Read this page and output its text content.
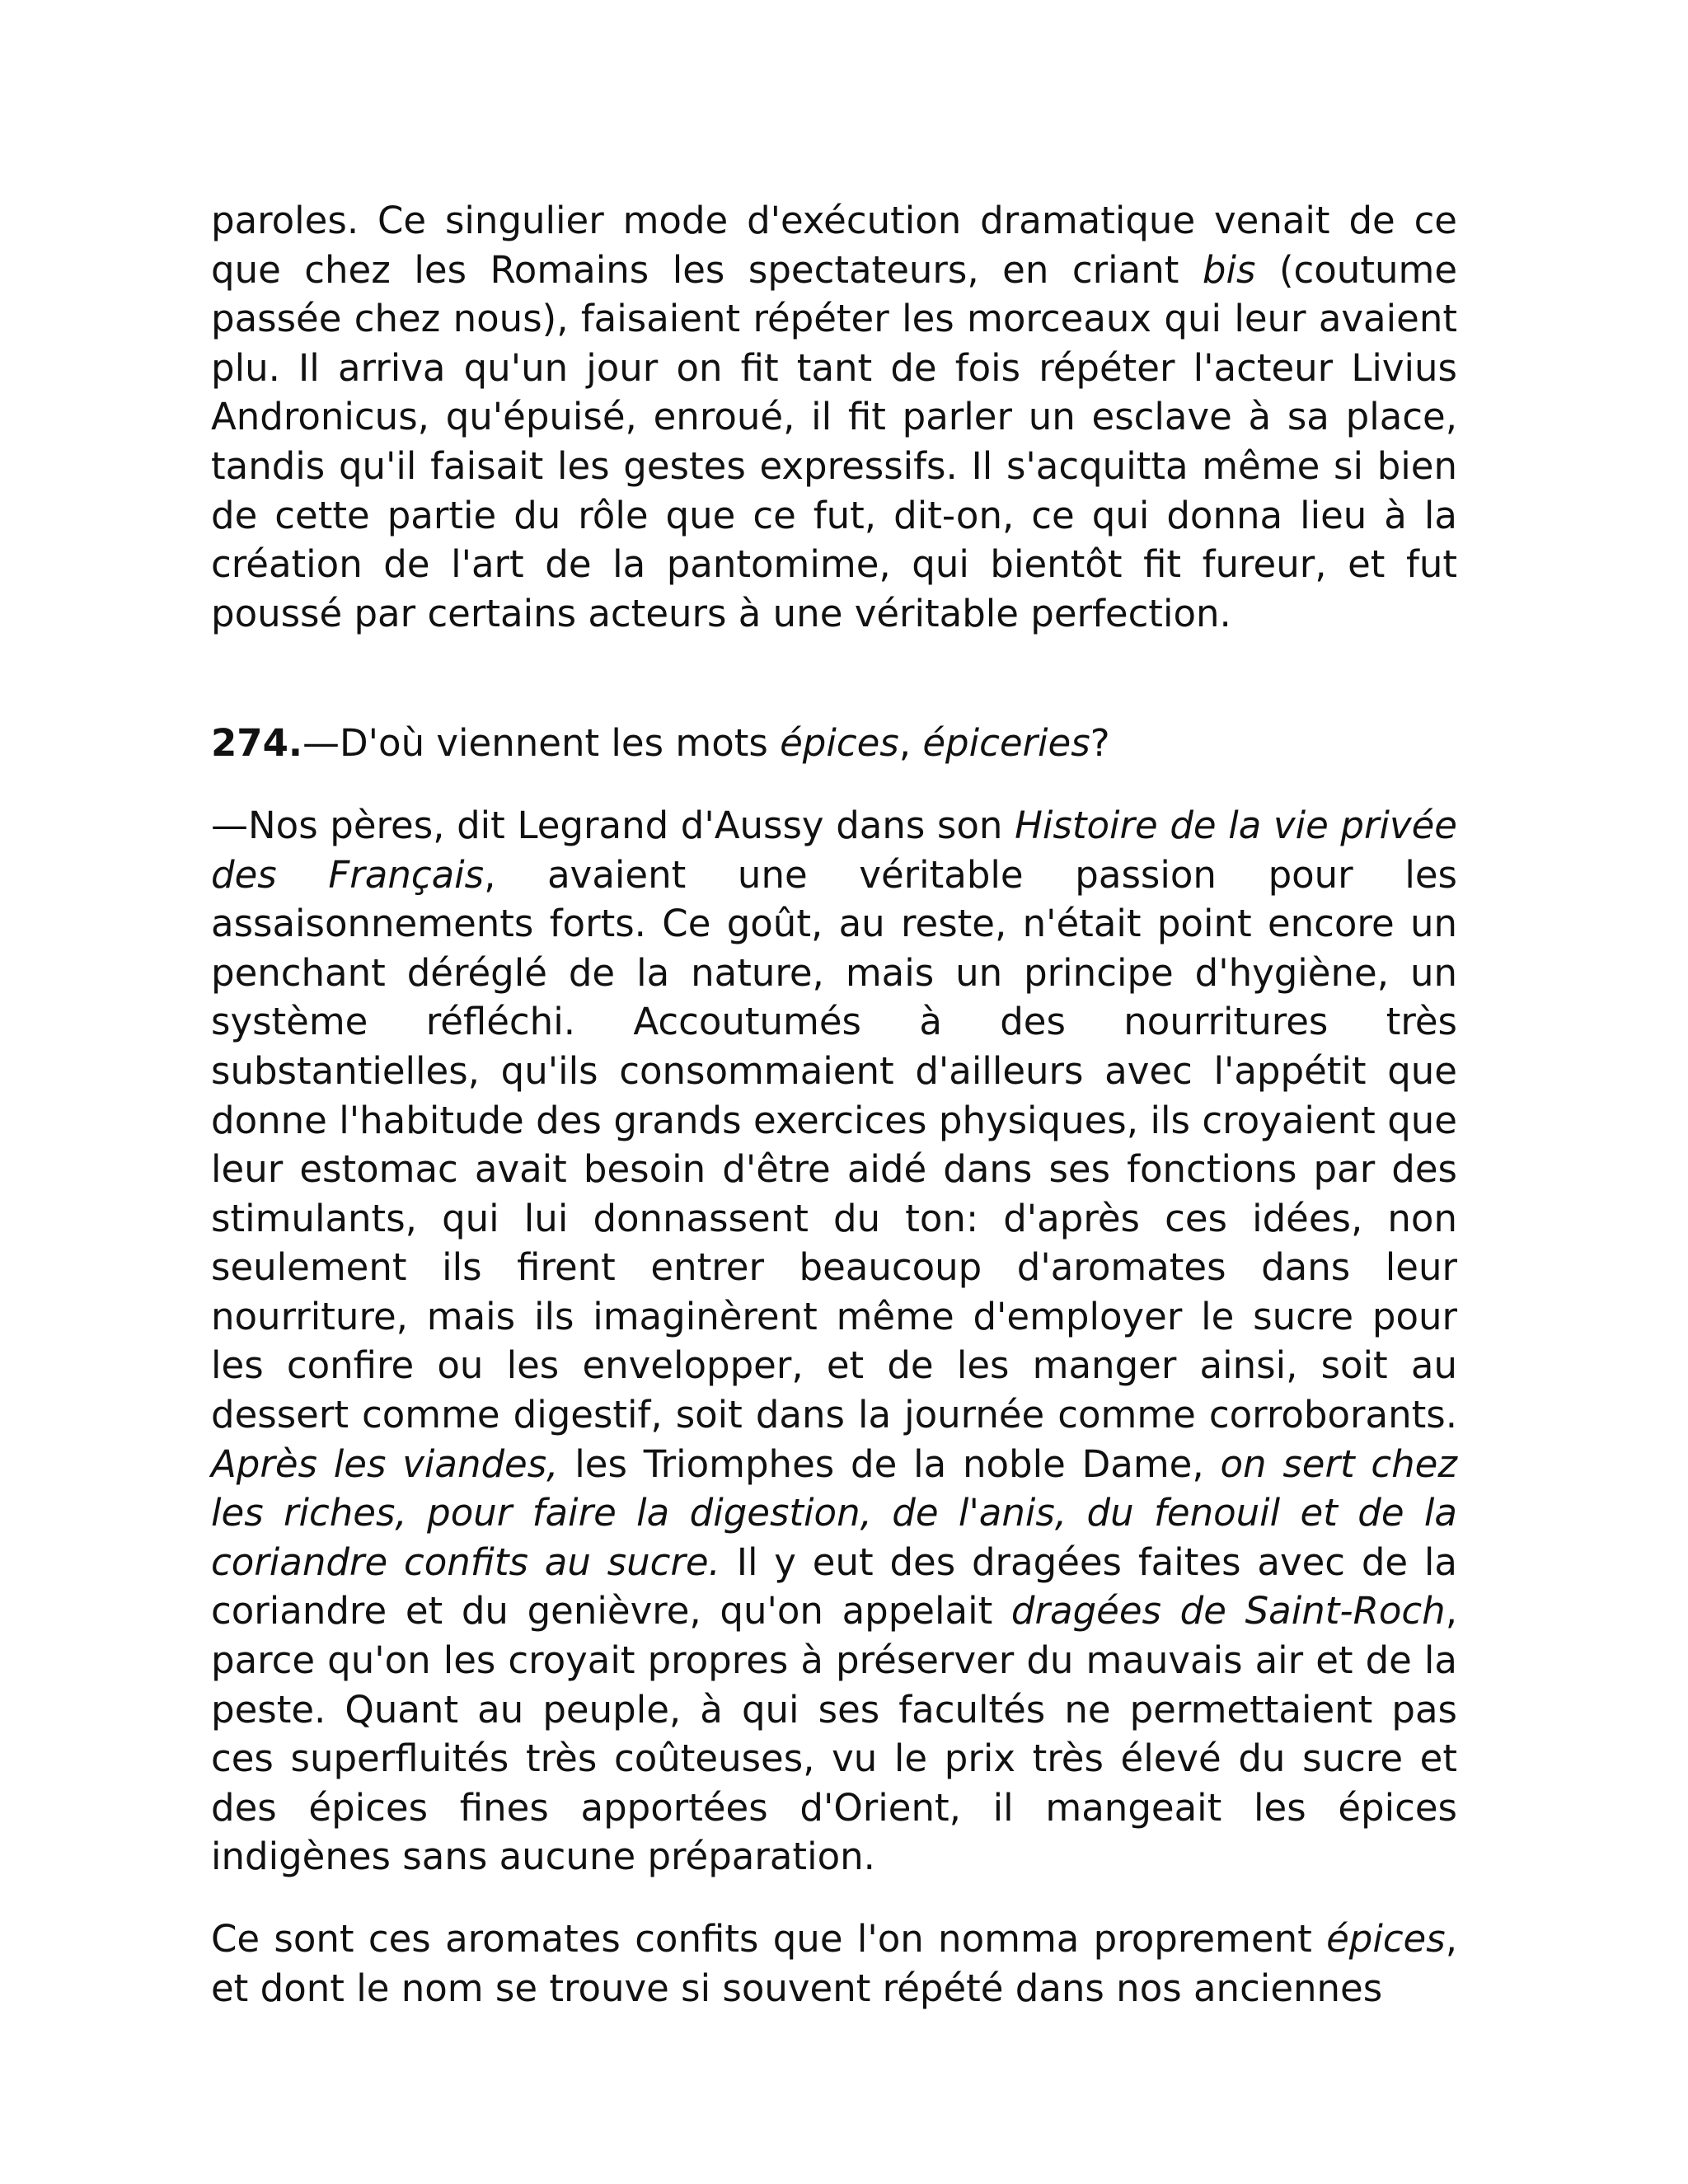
paroles. Ce singulier mode d'exécution dramatique venait de ce que chez les Romains les spectateurs, en criant bis (coutume passée chez nous), faisaient répéter les morceaux qui leur avaient plu. Il arriva qu'un jour on fit tant de fois répéter l'acteur Livius Andronicus, qu'épuisé, enroué, il fit parler un esclave à sa place, tandis qu'il faisait les gestes expressifs. Il s'acquitta même si bien de cette partie du rôle que ce fut, dit-on, ce qui donna lieu à la création de l'art de la pantomime, qui bientôt fit fureur, et fut poussé par certains acteurs à une véritable perfection.

274.—D'où viennent les mots épices, épiceries?

—Nos pères, dit Legrand d'Aussy dans son Histoire de la vie privée des Français, avaient une véritable passion pour les assaisonnements forts. Ce goût, au reste, n'était point encore un penchant déréglé de la nature, mais un principe d'hygiène, un système réfléchi. Accoutumés à des nourritures très substantielles, qu'ils consommaient d'ailleurs avec l'appétit que donne l'habitude des grands exercices physiques, ils croyaient que leur estomac avait besoin d'être aidé dans ses fonctions par des stimulants, qui lui donnassent du ton: d'après ces idées, non seulement ils firent entrer beaucoup d'aromates dans leur nourriture, mais ils imaginèrent même d'employer le sucre pour les confire ou les envelopper, et de les manger ainsi, soit au dessert comme digestif, soit dans la journée comme corroborants. Après les viandes, les Triomphes de la noble Dame, on sert chez les riches, pour faire la digestion, de l'anis, du fenouil et de la coriandre confits au sucre. Il y eut des dragées faites avec de la coriandre et du genièvre, qu'on appelait dragées de Saint-Roch, parce qu'on les croyait propres à préserver du mauvais air et de la peste. Quant au peuple, à qui ses facultés ne permettaient pas ces superfluités très coûteuses, vu le prix très élevé du sucre et des épices fines apportées d'Orient, il mangeait les épices indigènes sans aucune préparation.

Ce sont ces aromates confits que l'on nomma proprement épices, et dont le nom se trouve si souvent répété dans nos anciennes
